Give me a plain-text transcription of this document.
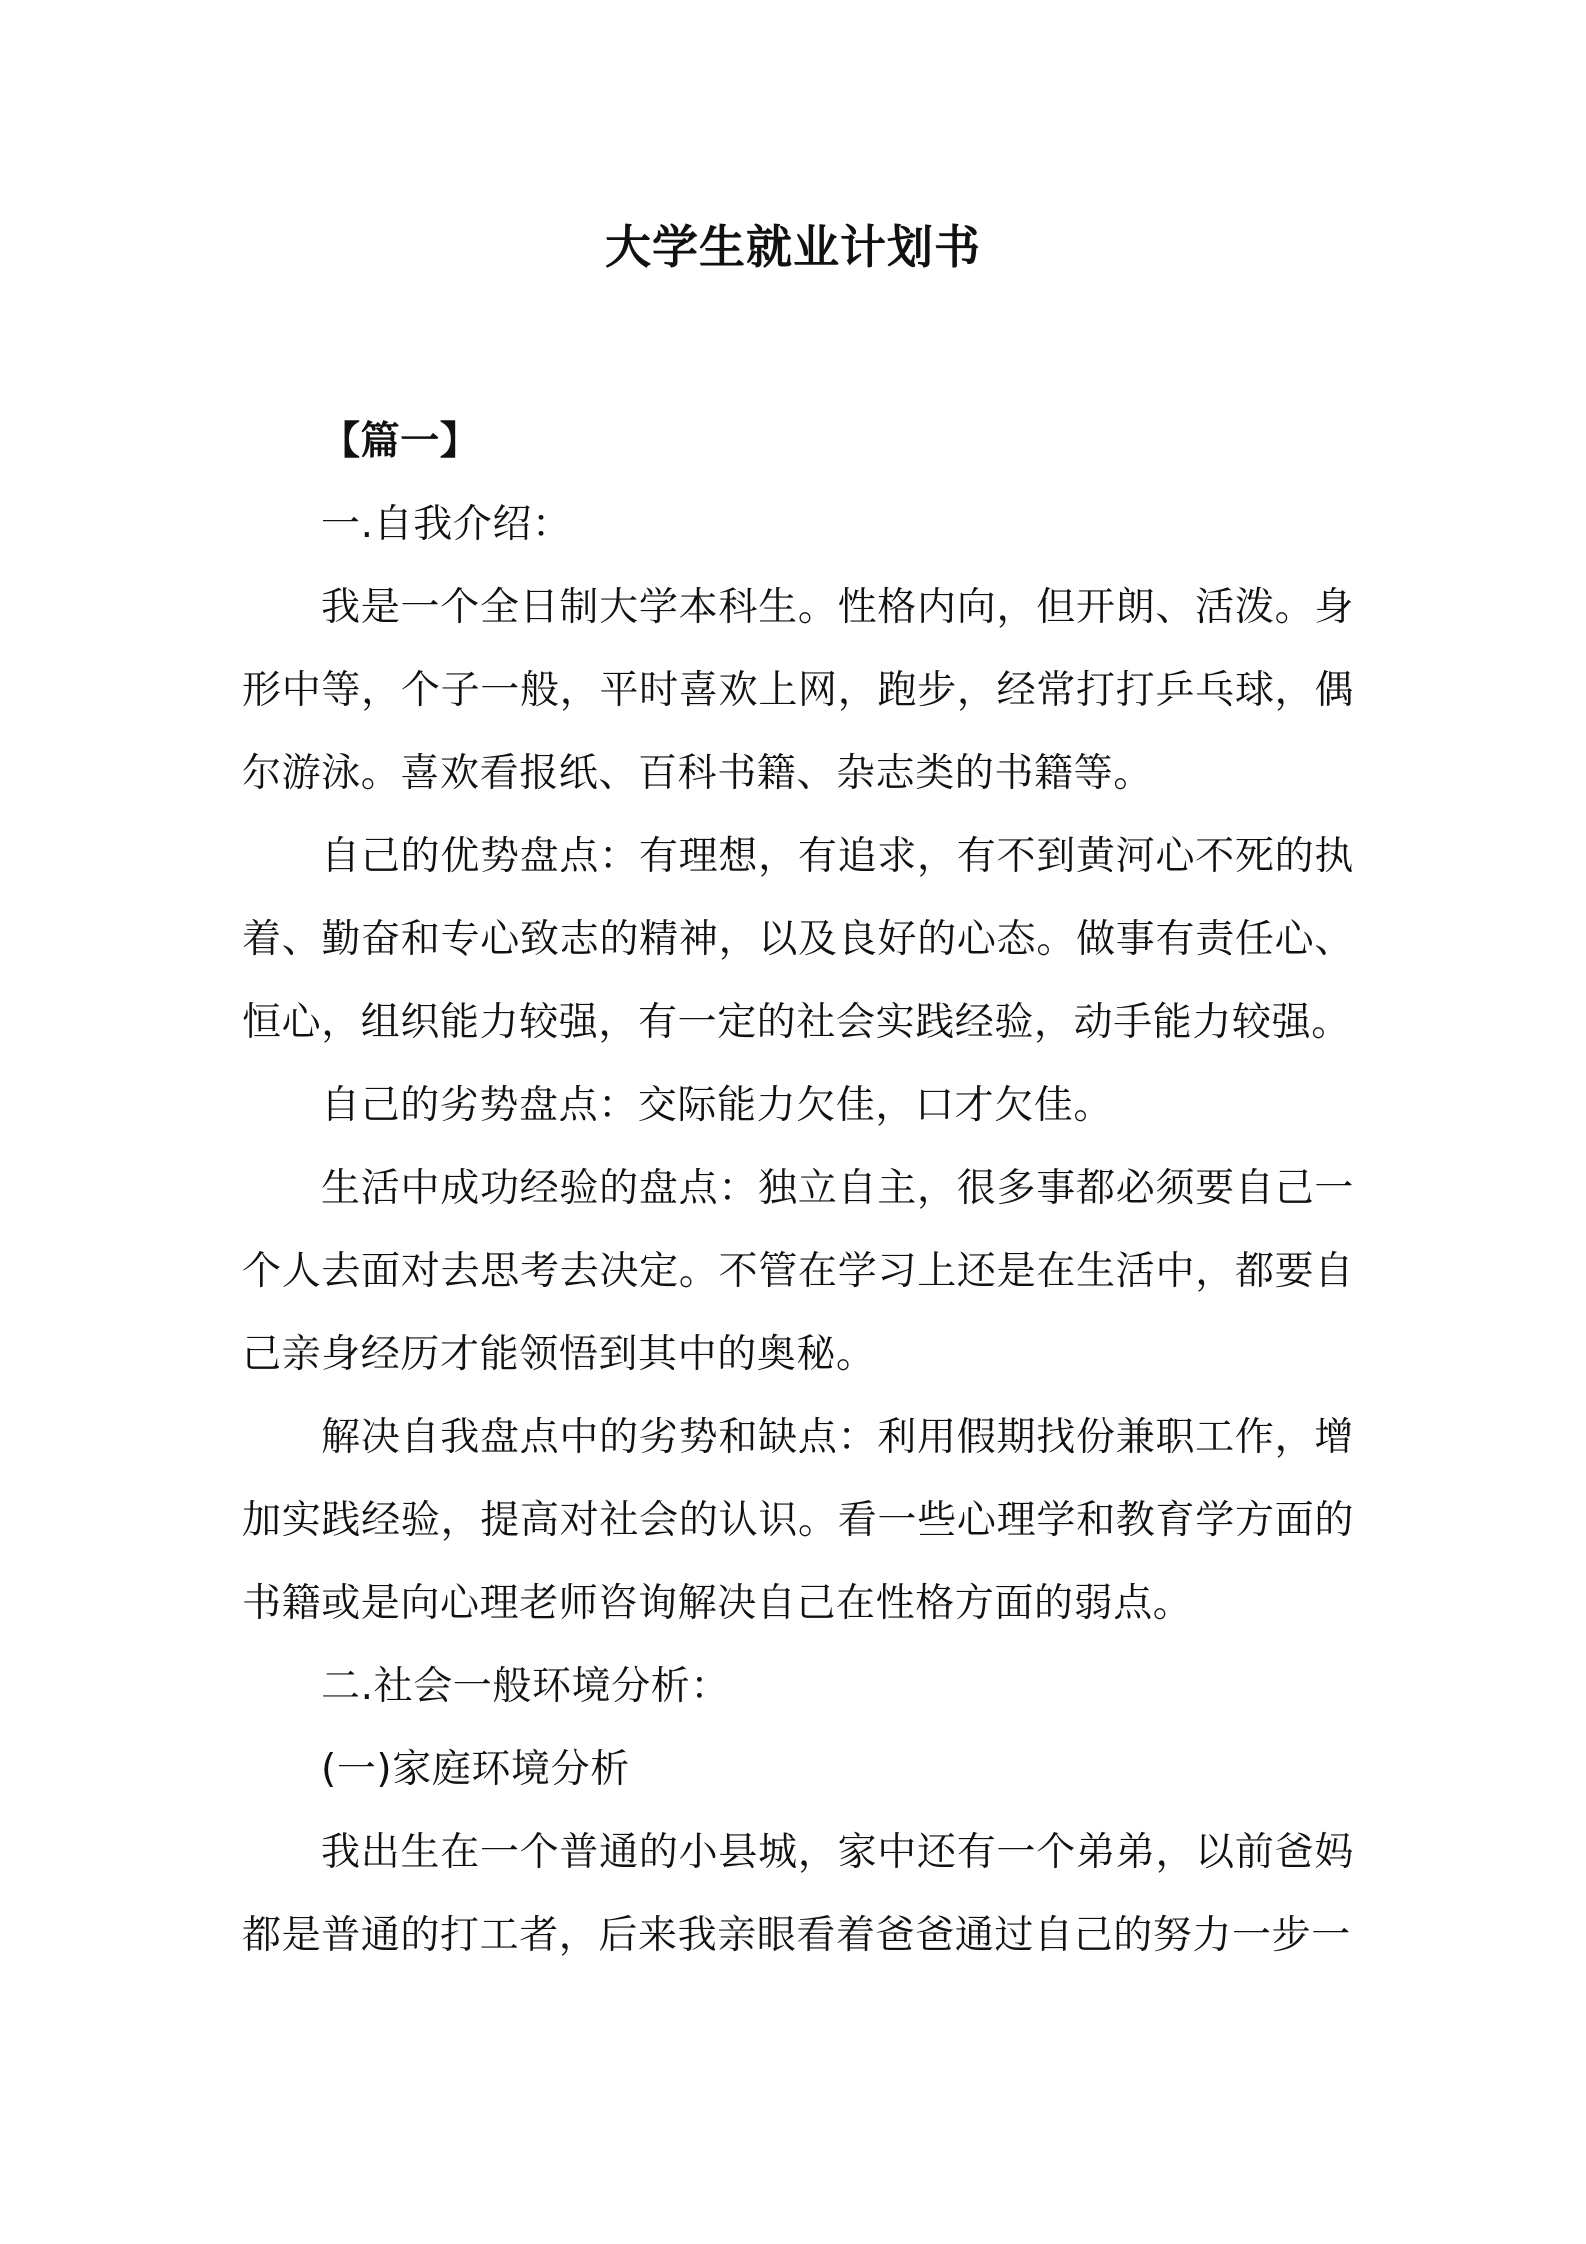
大学生就业计划书

【篇一】

一.自我介绍：

我是一个全日制大学本科生。性格内向，但开朗、活泼。身形中等，个子一般，平时喜欢上网，跑步，经常打打乒乓球，偶尔游泳。喜欢看报纸、百科书籍、杂志类的书籍等。

自己的优势盘点：有理想，有追求，有不到黄河心不死的执着、勤奋和专心致志的精神，以及良好的心态。做事有责任心、恒心，组织能力较强，有一定的社会实践经验，动手能力较强。

自己的劣势盘点：交际能力欠佳，口才欠佳。

生活中成功经验的盘点：独立自主，很多事都必须要自己一个人去面对去思考去决定。不管在学习上还是在生活中，都要自己亲身经历才能领悟到其中的奥秘。

解决自我盘点中的劣势和缺点：利用假期找份兼职工作，增加实践经验，提高对社会的认识。看一些心理学和教育学方面的书籍或是向心理老师咨询解决自己在性格方面的弱点。

二.社会一般环境分析：

(一)家庭环境分析

我出生在一个普通的小县城，家中还有一个弟弟，以前爸妈都是普通的打工者，后来我亲眼看着爸爸通过自己的努力一步一
